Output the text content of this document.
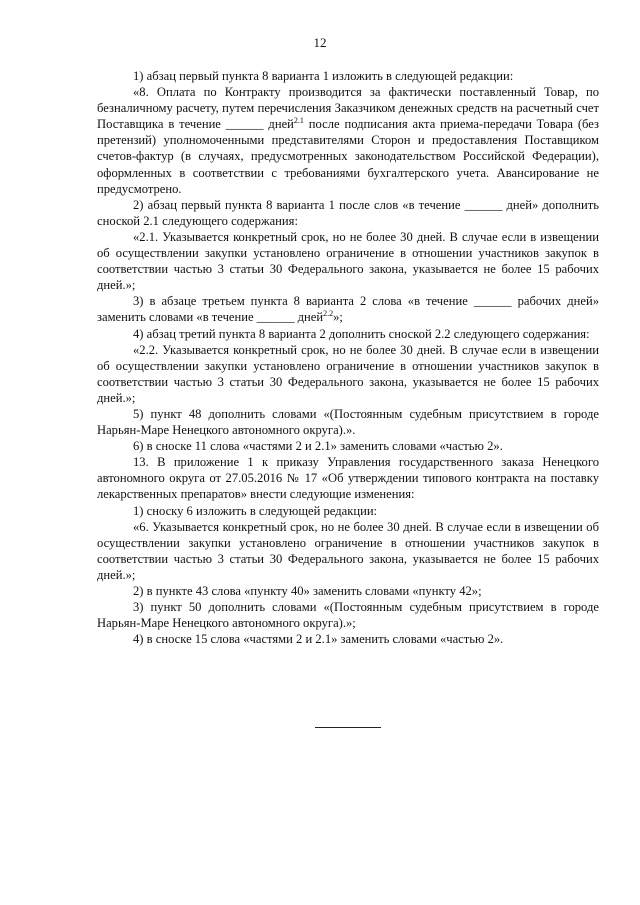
12

1) абзац первый пункта 8 варианта 1 изложить в следующей редакции:

«8. Оплата по Контракту производится за фактически поставленный Товар, по безналичному расчету, путем перечисления Заказчиком денежных средств на расчетный счет Поставщика в течение ______ дней$^{2.1}$ после подписания акта приема-передачи Товара (без претензий) уполномоченными представителями Сторон и предоставления Поставщиком счетов-фактур (в случаях, предусмотренных законодательством Российской Федерации), оформленных в соответствии с требованиями бухгалтерского учета. Авансирование не предусмотрено.

2) абзац первый пункта 8 варианта 1 после слов «в течение ______ дней» дополнить сноской 2.1 следующего содержания:

«2.1. Указывается конкретный срок, но не более 30 дней. В случае если в извещении об осуществлении закупки установлено ограничение в отношении участников закупок в соответствии частью 3 статьи 30 Федерального закона, указывается не более 15 рабочих дней.»;

3) в абзаце третьем пункта 8 варианта 2 слова «в течение ______ рабочих дней» заменить словами «в течение ______ дней$^{2.2}$»;

4) абзац третий пункта 8 варианта 2 дополнить сноской 2.2 следующего содержания:

«2.2. Указывается конкретный срок, но не более 30 дней. В случае если в извещении об осуществлении закупки установлено ограничение в отношении участников закупок в соответствии частью 3 статьи 30 Федерального закона, указывается не более 15 рабочих дней.»;

5) пункт 48 дополнить словами «(Постоянным судебным присутствием в городе Нарьян-Маре Ненецкого автономного округа).».

6) в сноске 11 слова «частями 2 и 2.1» заменить словами «частью 2».

13. В приложение 1 к приказу Управления государственного заказа Ненецкого автономного округа от 27.05.2016 № 17 «Об утверждении типового контракта на поставку лекарственных препаратов» внести следующие изменения:

1) сноску 6 изложить в следующей редакции:

«6. Указывается конкретный срок, но не более 30 дней. В случае если в извещении об осуществлении закупки установлено ограничение в отношении участников закупок в соответствии частью 3 статьи 30 Федерального закона, указывается не более 15 рабочих дней.»;

2) в пункте 43 слова «пункту 40» заменить словами «пункту 42»;

3) пункт 50 дополнить словами «(Постоянным судебным присутствием в городе Нарьян-Маре Ненецкого автономного округа).»;

4) в сноске 15 слова «частями 2 и 2.1» заменить словами «частью 2».
